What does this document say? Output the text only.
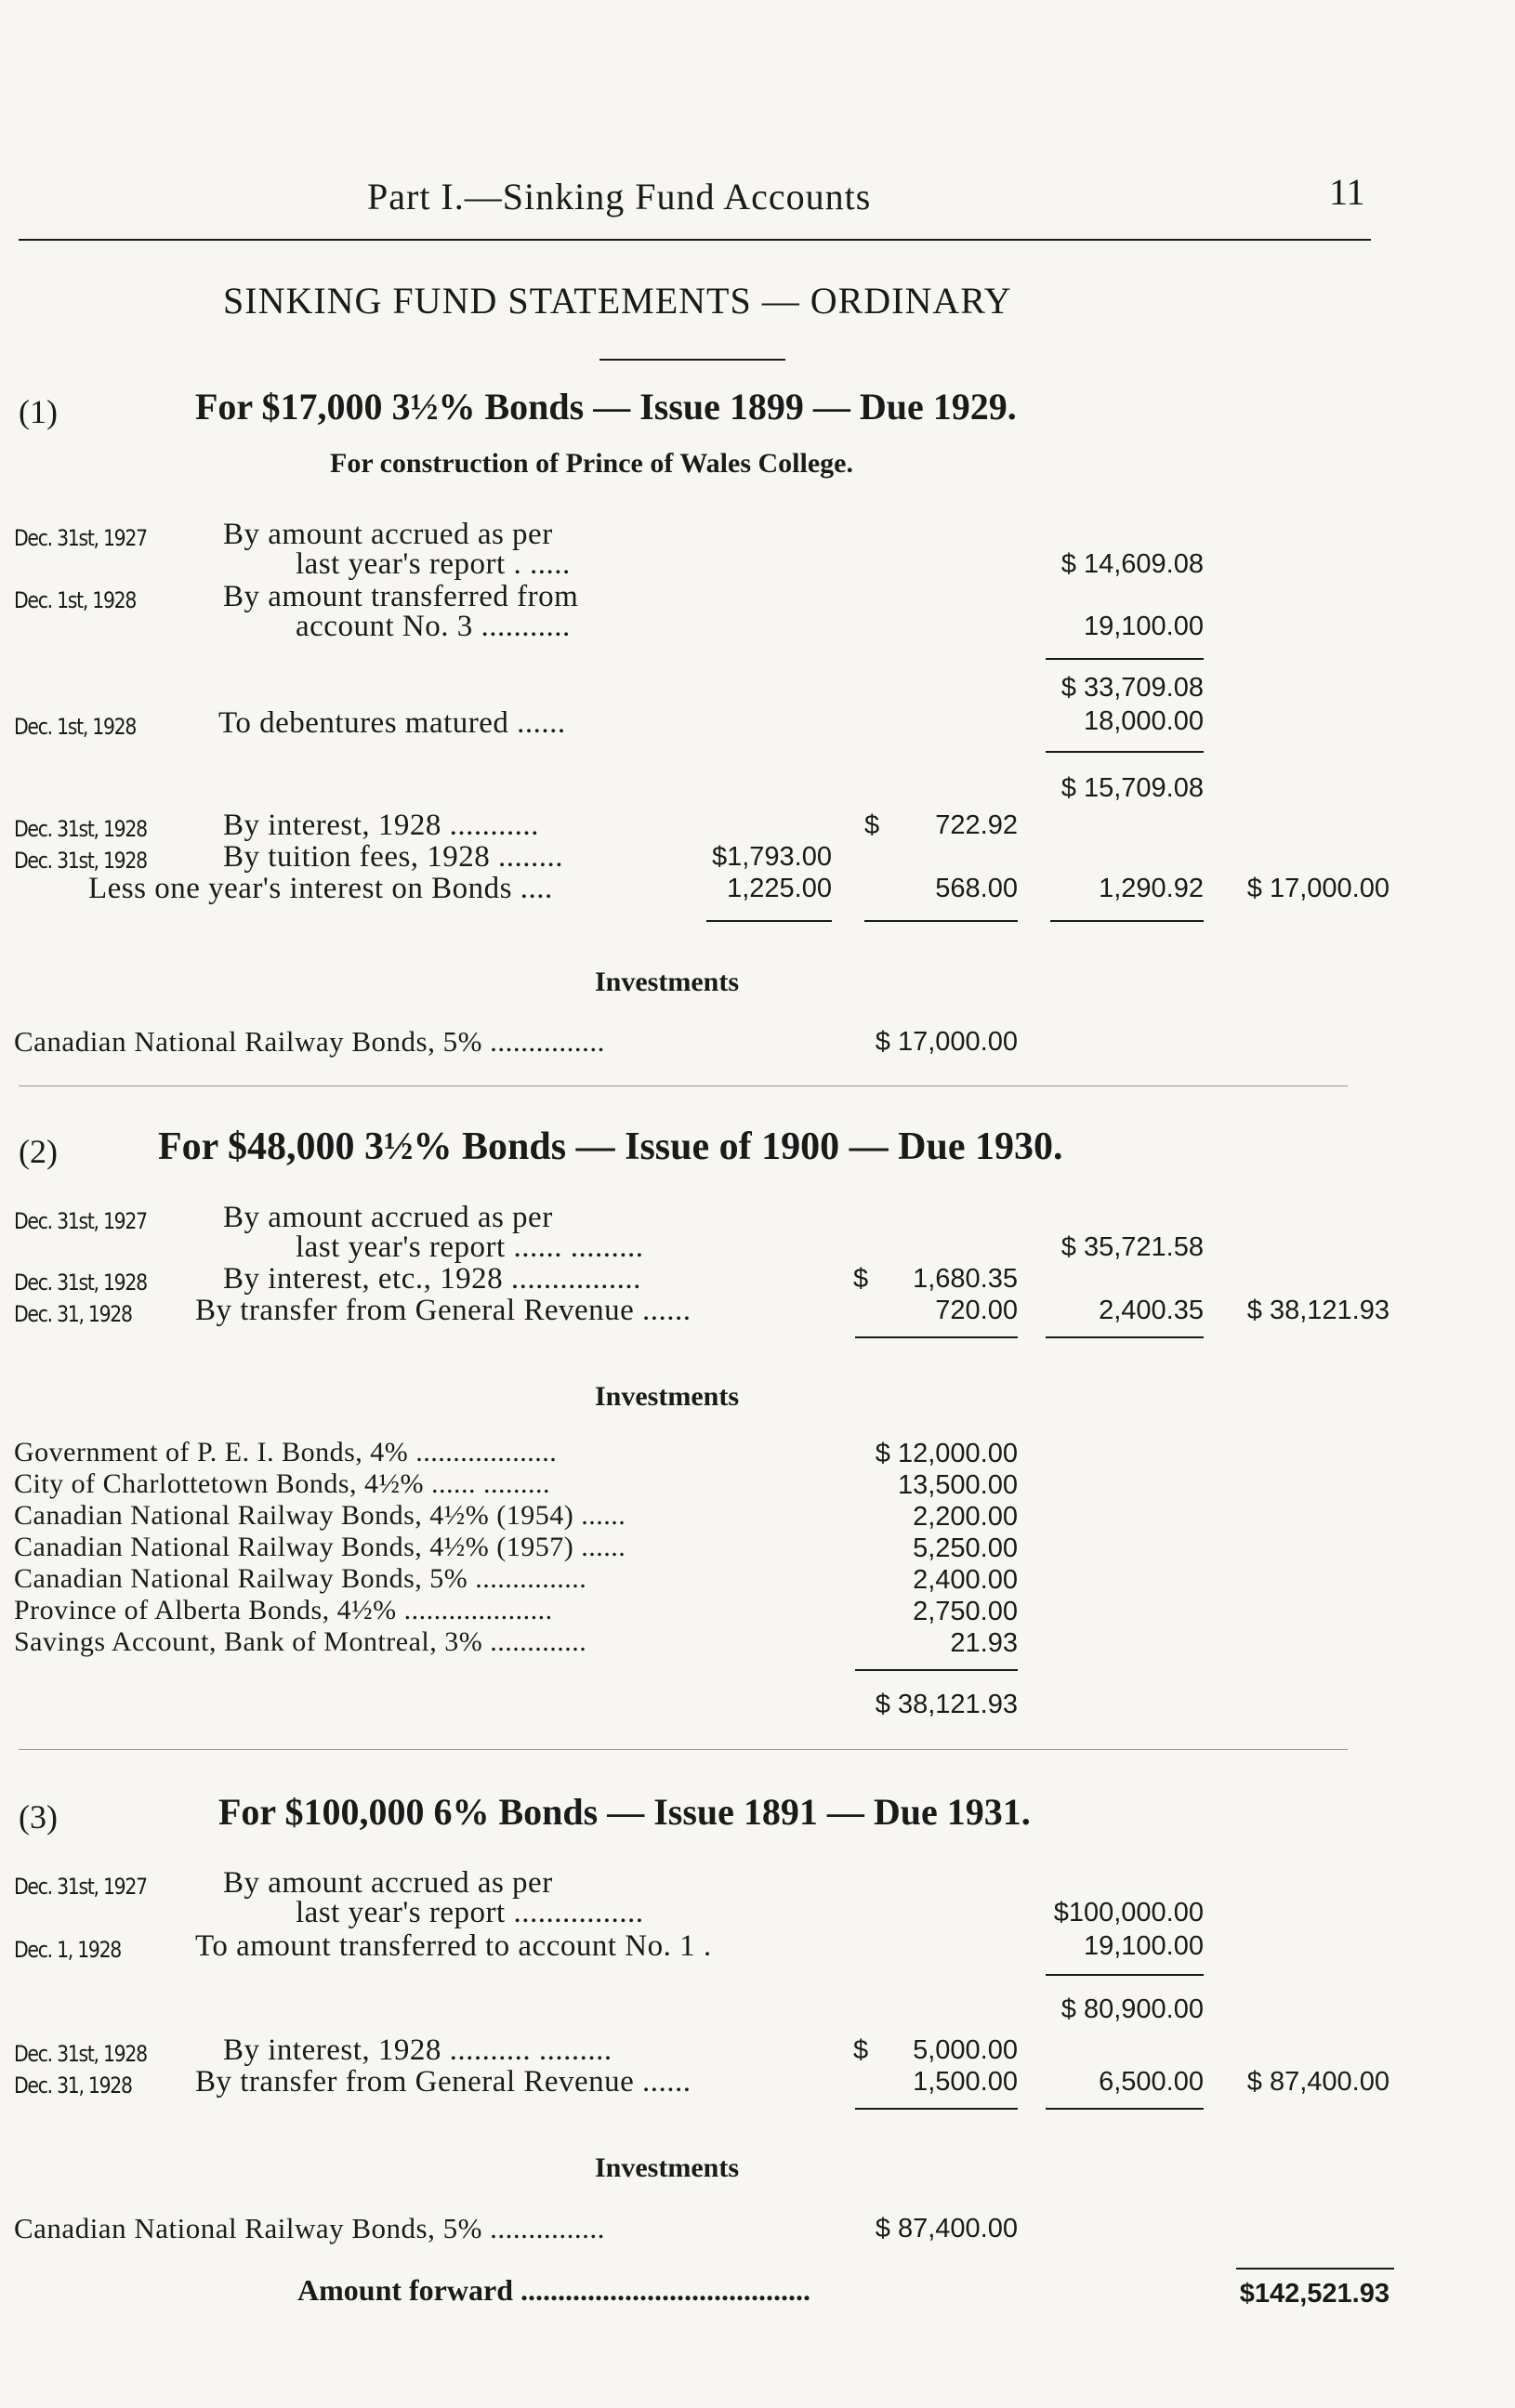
Part I.—Sinking Fund Accounts	11
SINKING FUND STATEMENTS — ORDINARY
(1)	For $17,000 3½% Bonds — Issue 1899 — Due 1929.
For construction of Prince of Wales College.
Dec. 31st, 1927 By amount accrued as per
last year's report . .....	$ 14,609.08
Dec. 1st, 1928	By amount transferred from
account No. 3 ...........	19,100.00
$ 33,709.08
Dec. 1st, 1928	To debentures matured ......	18,000.00
$ 15,709.08
Dec. 31st, 1928 By interest, 1928 ...........	$ 722.92
Dec. 31st, 1928 By tuition fees, 1928 ........	$1,793.00
Less one year's interest on Bonds ....	1,225.00	568.00	1,290.92 $ 17,000.00
Investments
Canadian National Railway Bonds, 5% ...............	$ 17,000.00
(2)	For $48,000 3½% Bonds — Issue of 1900 — Due 1930.
Dec. 31st, 1927 By amount accrued as per
last year's report ...... .........	$ 35,721.58
Dec. 31st, 1928 By interest, etc., 1928 ................	$ 1,680.35
Dec. 31, 1928 By transfer from General Revenue ......	720.00	2,400.35 $ 38,121.93
Investments
Government of P. E. I. Bonds, 4% ...................	$ 12,000.00
City of Charlottetown Bonds, 4½% ...... .........	13,500.00
Canadian National Railway Bonds, 4½% (1954) ......	2,200.00
Canadian National Railway Bonds, 4½% (1957) ......	5,250.00
Canadian National Railway Bonds, 5% ...............	2,400.00
Province of Alberta Bonds, 4½% ....................	2,750.00
Savings Account, Bank of Montreal, 3% .............	21.93
$ 38,121.93
(3)	For $100,000 6% Bonds — Issue 1891 — Due 1931.
Dec. 31st, 1927 By amount accrued as per
last year's report ................	$100,000.00
Dec. 1, 1928 To amount transferred to account No. 1 .	19,100.00
$ 80,900.00
Dec. 31st, 1928 By interest, 1928 .......... .........	$ 5,000.00
Dec. 31, 1928 By transfer from General Revenue ......	1,500.00	6,500.00 $ 87,400.00
Investments
Canadian National Railway Bonds, 5% ...............	$ 87,400.00
Amount forward .......................................	$142,521.93
